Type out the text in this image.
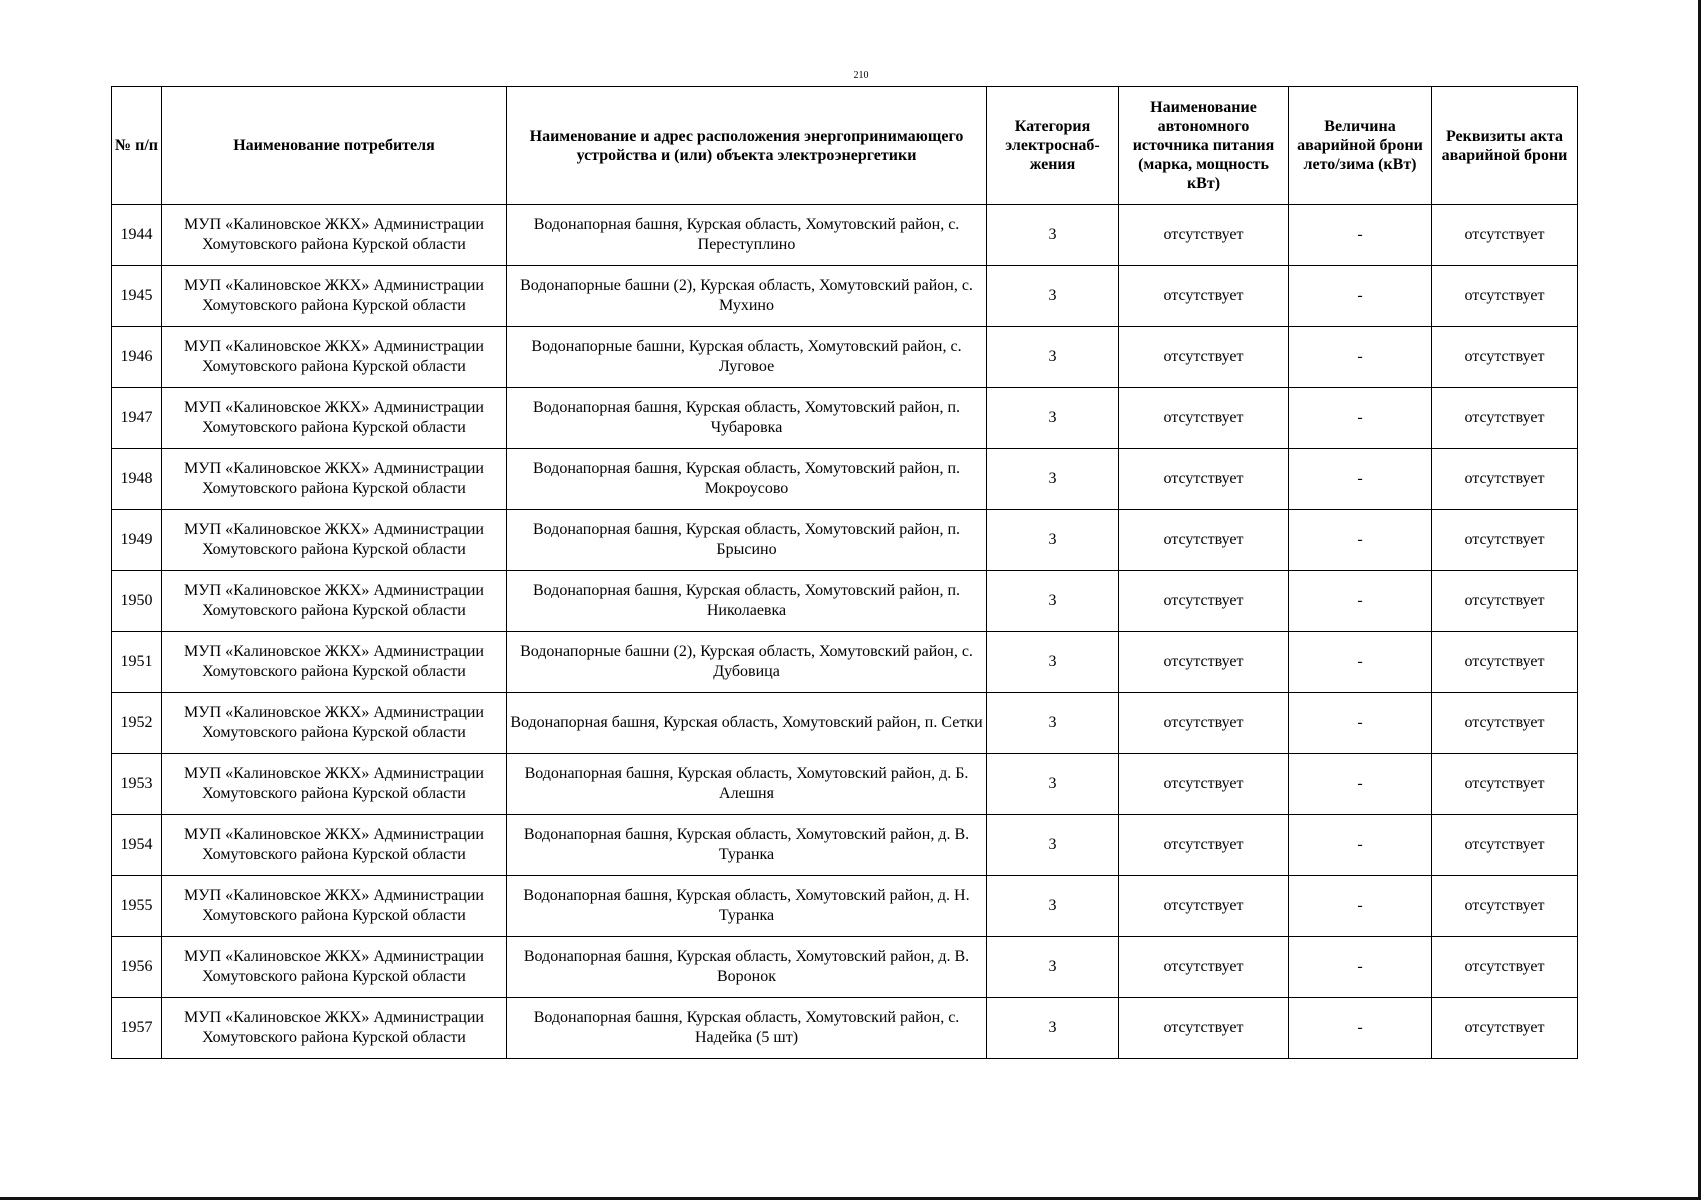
210
№ п/п	Наименование потребителя	Наименование и адрес расположения энергопринимающего устройства и (или) объекта электроэнергетики	Категория электроснаб-жения	Наименование автономного источника питания (марка, мощность кВт)	Величина аварийной брони лето/зима (кВт)	Реквизиты акта аварийной брони
1944	МУП «Калиновское ЖКХ» Администрации Хомутовского района Курской области	Водонапорная башня, Курская область, Хомутовский район, с. Переступлино	3	отсутствует	-	отсутствует
1945	МУП «Калиновское ЖКХ» Администрации Хомутовского района Курской области	Водонапорные башни (2), Курская область, Хомутовский район, с. Мухино	3	отсутствует	-	отсутствует
1946	МУП «Калиновское ЖКХ» Администрации Хомутовского района Курской области	Водонапорные башни, Курская область, Хомутовский район, с. Луговое	3	отсутствует	-	отсутствует
1947	МУП «Калиновское ЖКХ» Администрации Хомутовского района Курской области	Водонапорная башня, Курская область, Хомутовский район, п. Чубаровка	3	отсутствует	-	отсутствует
1948	МУП «Калиновское ЖКХ» Администрации Хомутовского района Курской области	Водонапорная башня, Курская область, Хомутовский район, п. Мокроусово	3	отсутствует	-	отсутствует
1949	МУП «Калиновское ЖКХ» Администрации Хомутовского района Курской области	Водонапорная башня, Курская область, Хомутовский район, п. Брысино	3	отсутствует	-	отсутствует
1950	МУП «Калиновское ЖКХ» Администрации Хомутовского района Курской области	Водонапорная башня, Курская область, Хомутовский район, п. Николаевка	3	отсутствует	-	отсутствует
1951	МУП «Калиновское ЖКХ» Администрации Хомутовского района Курской области	Водонапорные башни (2), Курская область, Хомутовский район, с. Дубовица	3	отсутствует	-	отсутствует
1952	МУП «Калиновское ЖКХ» Администрации Хомутовского района Курской области	Водонапорная башня, Курская область, Хомутовский район, п. Сетки	3	отсутствует	-	отсутствует
1953	МУП «Калиновское ЖКХ» Администрации Хомутовского района Курской области	Водонапорная башня, Курская область, Хомутовский район, д. Б. Алешня	3	отсутствует	-	отсутствует
1954	МУП «Калиновское ЖКХ» Администрации Хомутовского района Курской области	Водонапорная башня, Курская область, Хомутовский район, д. В. Туранка	3	отсутствует	-	отсутствует
1955	МУП «Калиновское ЖКХ» Администрации Хомутовского района Курской области	Водонапорная башня, Курская область, Хомутовский район, д. Н. Туранка	3	отсутствует	-	отсутствует
1956	МУП «Калиновское ЖКХ» Администрации Хомутовского района Курской области	Водонапорная башня, Курская область, Хомутовский район, д. В. Воронок	3	отсутствует	-	отсутствует
1957	МУП «Калиновское ЖКХ» Администрации Хомутовского района Курской области	Водонапорная башня, Курская область, Хомутовский район, с. Надейка (5 шт)	3	отсутствует	-	отсутствует
